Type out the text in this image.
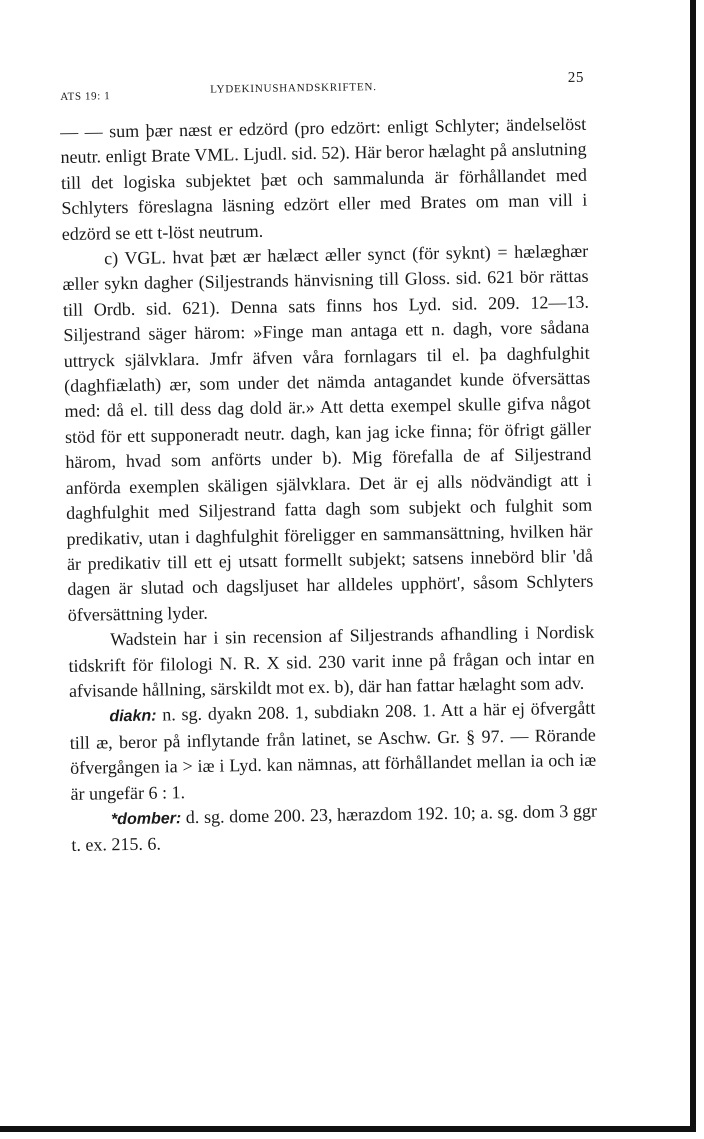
ATS 19: 1
LYDEKINUSHANDSKRIFTEN.
25

— — sum þær næst er edzörd (pro edzört: enligt Schlyter; ändelselöst neutr. enligt Brate VML. Ljudl. sid. 52). Här beror hælaght på anslutning till det logiska subjektet þæt och sammalunda är förhållandet med Schlyters föreslagna läsning edzört eller med Brates om man vill i edzörd se ett t-löst neutrum.

c) VGL. hvat þæt ær hælæct æller synct (för syknt) = hælæghær æller sykn dagher (Siljestrands hänvisning till Gloss. sid. 621 bör rättas till Ordb. sid. 621). Denna sats finns hos Lyd. sid. 209. 12—13. Siljestrand säger härom: »Finge man antaga ett n. dagh, vore sådana uttryck självklara. Jmfr äfven våra fornlagars til el. þa daghfulghit (daghfiælath) ær, som under det nämda antagandet kunde öfversättas med: då el. till dess dag dold är.» Att detta exempel skulle gifva något stöd för ett supponeradt neutr. dagh, kan jag icke finna; för öfrigt gäller härom, hvad som anförts under b). Mig förefalla de af Siljestrand anförda exemplen skäligen självklara. Det är ej alls nödvändigt att i daghfulghit med Siljestrand fatta dagh som subjekt och fulghit som predikativ, utan i daghfulghit föreligger en sammansättning, hvilken här är predikativ till ett ej utsatt formellt subjekt; satsens innebörd blir 'då dagen är slutad och dagsljuset har alldeles upphört', såsom Schlyters öfversättning lyder.

Wadstein har i sin recension af Siljestrands afhandling i Nordisk tidskrift för filologi N. R. X sid. 230 varit inne på frågan och intar en afvisande hållning, särskildt mot ex. b), där han fattar hælaght som adv.

diakn: n. sg. dyakn 208. 1, subdiakn 208. 1. Att a här ej öfvergått till æ, beror på inflytande från latinet, se Aschw. Gr. § 97. — Rörande öfvergången ia > iæ i Lyd. kan nämnas, att förhållandet mellan ia och iæ är ungefär 6 : 1.

*domber: d. sg. dome 200. 23, hærazdom 192. 10; a. sg. dom 3 ggr t. ex. 215. 6.
